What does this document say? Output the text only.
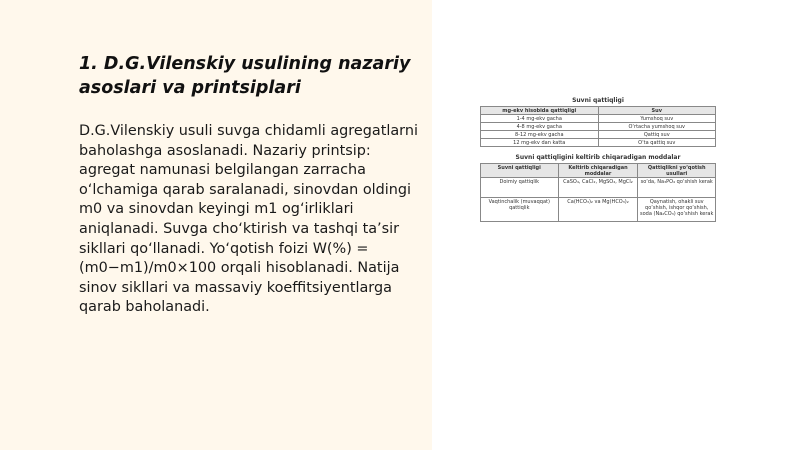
1. D.G.Vilenskiy usulining nazariy asoslari va printsiplari

D.G.Vilenskiy usuli suvga chidamli agregatlarni baholashga asoslanadi. Nazariy printsip: agregat namunasi belgilangan zarracha o‘lchamiga qarab saralanadi, sinovdan oldingi m0 va sinovdan keyingi m1 og‘irliklari aniqlanadi. Suvga cho‘ktirish va tashqi ta’sir sikllari qo‘llanadi. Yo‘qotish foizi W(%) = (m0−m1)/m0×100 orqali hisoblanadi. Natija sinov sikllari va massaviy koeffitsiyentlarga qarab baholanadi.

Suvni qattiqligi
mg-ekv hisobida qattiqligi	Suv
1-4 mg-ekv gacha	Yumshoq suv
4-8 mg-ekv gacha	O‘rtacha yumshoq suv
8-12 mg-ekv gacha	Qattiq suv
12 mg-ekv dan katta	O‘ta qattiq suv
Suvni qattiqligini keltirib chiqaradigan moddalar
Suvni qattiqligi	Keltirib chiqaradigan moddalar	Qattiqlikni yo‘qotish usullari
Doimiy qattiqlik	CaSO₄, CaCl₂, MgSO₄, MgCl₂	so‘da, Na₃PO₄ qo‘shish kerak
Vaqtinchalik (muvaqqat) qattiqlik	Ca(HCO₃)₂ va Mg(HCO₃)₂	Qaynatish, ohakli suv qo‘shish, ishqor qo‘shish, soda (Na₂CO₃) qo‘shish kerak
